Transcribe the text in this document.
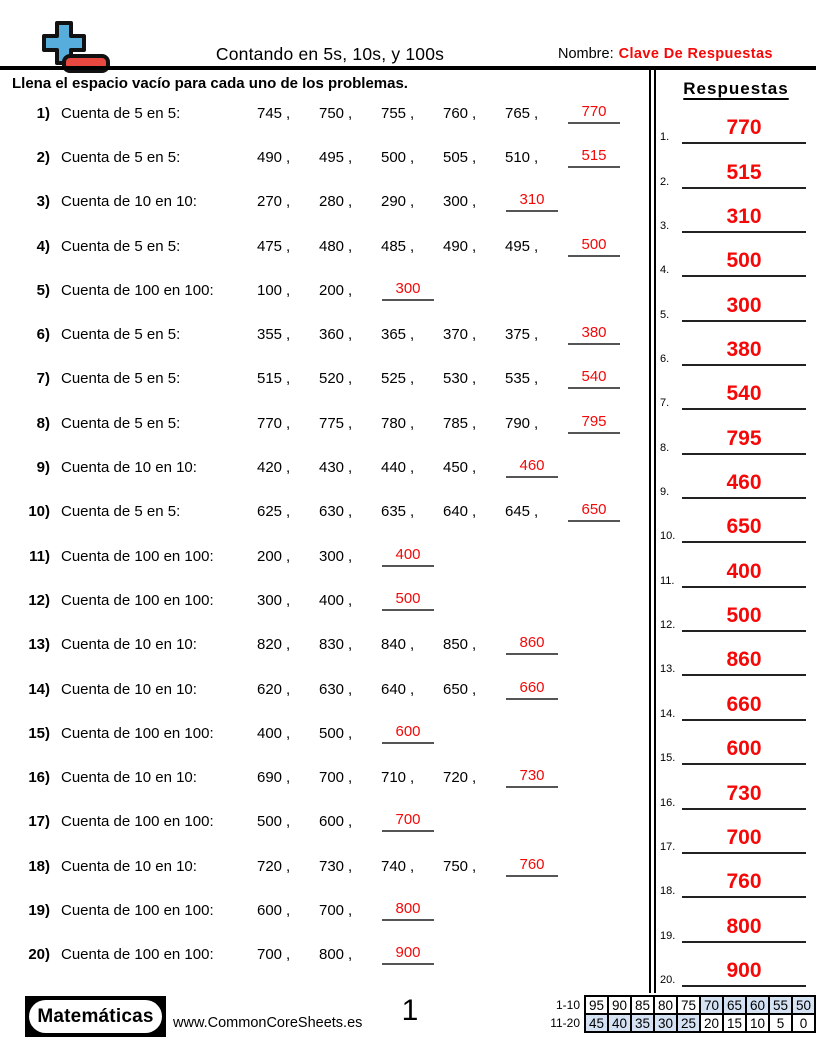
Contando en 5s, 10s, y 100s	Nombre: Clave De Respuestas
Llena el espacio vacío para cada uno de los problemas.
1) Cuenta de 5 en 5:	745 ,	750 ,	755 ,	760 ,	765 ,	770
2) Cuenta de 5 en 5:	490 ,	495 ,	500 ,	505 ,	510 ,	515
3) Cuenta de 10 en 10:	270 ,	280 ,	290 ,	300 ,	310
4) Cuenta de 5 en 5:	475 ,	480 ,	485 ,	490 ,	495 ,	500
5) Cuenta de 100 en 100:	100 ,	200 ,	300
6) Cuenta de 5 en 5:	355 ,	360 ,	365 ,	370 ,	375 ,	380
7) Cuenta de 5 en 5:	515 ,	520 ,	525 ,	530 ,	535 ,	540
8) Cuenta de 5 en 5:	770 ,	775 ,	780 ,	785 ,	790 ,	795
9) Cuenta de 10 en 10:	420 ,	430 ,	440 ,	450 ,	460
10) Cuenta de 5 en 5:	625 ,	630 ,	635 ,	640 ,	645 ,	650
11) Cuenta de 100 en 100:	200 ,	300 ,	400
12) Cuenta de 100 en 100:	300 ,	400 ,	500
13) Cuenta de 10 en 10:	820 ,	830 ,	840 ,	850 ,	860
14) Cuenta de 10 en 10:	620 ,	630 ,	640 ,	650 ,	660
15) Cuenta de 100 en 100:	400 ,	500 ,	600
16) Cuenta de 10 en 10:	690 ,	700 ,	710 ,	720 ,	730
17) Cuenta de 100 en 100:	500 ,	600 ,	700
18) Cuenta de 10 en 10:	720 ,	730 ,	740 ,	750 ,	760
19) Cuenta de 100 en 100:	600 ,	700 ,	800
20) Cuenta de 100 en 100:	700 ,	800 ,	900
Respuestas
1.	770
2.	515
3.	310
4.	500
5.	300
6.	380
7.	540
8.	795
9.	460
10.	650
11.	400
12.	500
13.	860
14.	660
15.	600
16.	730
17.	700
18.	760
19.	800
20.	900
Matemáticas	www.CommonCoreSheets.es	1	1-10	95	90	85	80	75	70	65	60	55	50
11-20	45	40	35	30	25	20	15	10	5	0
